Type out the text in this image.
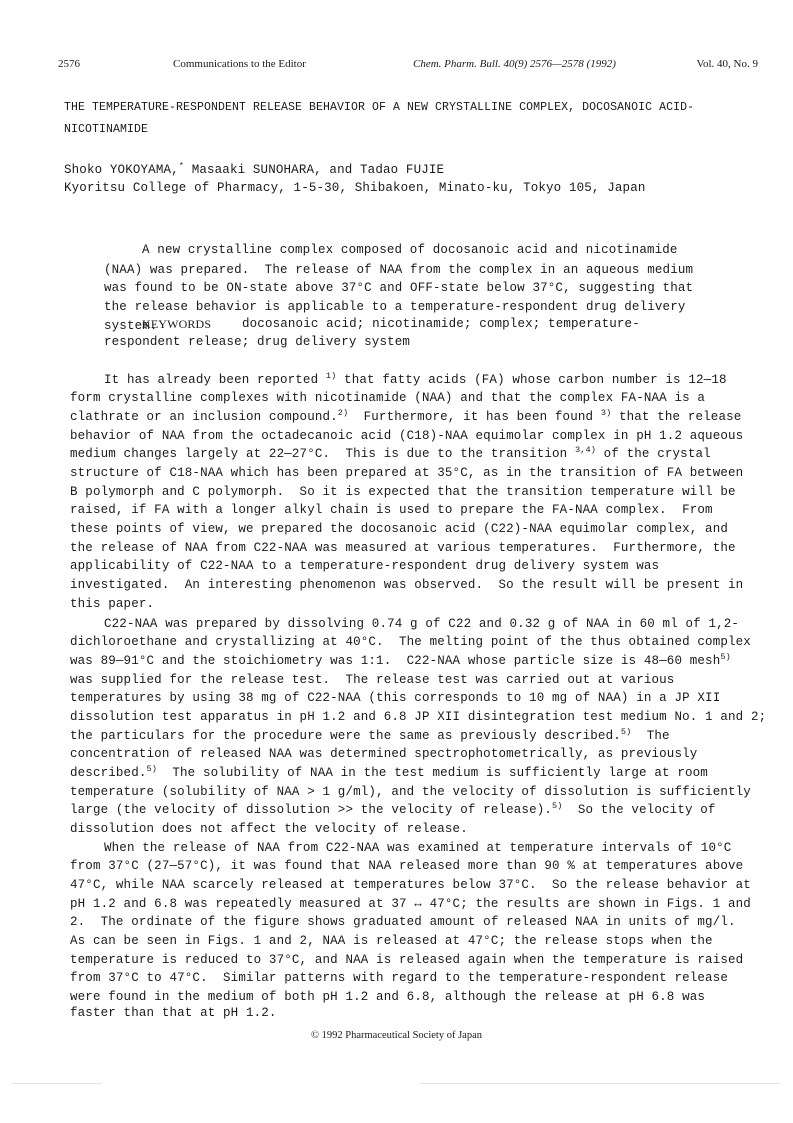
2576	Communications to the Editor	Chem. Pharm. Bull. 40(9) 2576—2578 (1992)	Vol. 40, No. 9
THE TEMPERATURE-RESPONDENT RELEASE BEHAVIOR OF A NEW CRYSTALLINE COMPLEX, DOCOSANOIC ACID-
NICOTINAMIDE
Shoko YOKOYAMA,* Masaaki SUNOHARA, and Tadao FUJIE
Kyoritsu College of Pharmacy, 1-5-30, Shibakoen, Minato-ku, Tokyo 105, Japan
A new crystalline complex composed of docosanoic acid and nicotinamide
(NAA) was prepared.  The release of NAA from the complex in an aqueous medium
was found to be ON-state above 37°C and OFF-state below 37°C, suggesting that
the release behavior is applicable to a temperature-respondent drug delivery
system.
KEYWORDS docosanoic acid; nicotinamide; complex; temperature-
respondent release; drug delivery system
It has already been reported $^{1)}$ that fatty acids (FA) whose carbon number is 12—18
form crystalline complexes with nicotinamide (NAA) and that the complex FA-NAA is a
clathrate or an inclusion compound.$^{2)}$  Furthermore, it has been found $^{3)}$ that the release
behavior of NAA from the octadecanoic acid (C18)-NAA equimolar complex in pH 1.2 aqueous
medium changes largely at 22—27°C.  This is due to the transition $^{3,4)}$ of the crystal
structure of C18-NAA which has been prepared at 35°C, as in the transition of FA between
B polymorph and C polymorph.  So it is expected that the transition temperature will be
raised, if FA with a longer alkyl chain is used to prepare the FA-NAA complex.  From
these points of view, we prepared the docosanoic acid (C22)-NAA equimolar complex, and
the release of NAA from C22-NAA was measured at various temperatures.  Furthermore, the
applicability of C22-NAA to a temperature-respondent drug delivery system was
investigated.  An interesting phenomenon was observed.  So the result will be present in
this paper.
C22-NAA was prepared by dissolving 0.74 g of C22 and 0.32 g of NAA in 60 ml of 1,2-
dichloroethane and crystallizing at 40°C.  The melting point of the thus obtained complex
was 89—91°C and the stoichiometry was 1:1.  C22-NAA whose particle size is 48—60 mesh$^{5)}$
was supplied for the release test.  The release test was carried out at various
temperatures by using 38 mg of C22-NAA (this corresponds to 10 mg of NAA) in a JP XII
dissolution test apparatus in pH 1.2 and 6.8 JP XII disintegration test medium No. 1 and 2;
the particulars for the procedure were the same as previously described.$^{5)}$  The
concentration of released NAA was determined spectrophotometrically, as previously
described.$^{5)}$  The solubility of NAA in the test medium is sufficiently large at room
temperature (solubility of NAA > 1 g/ml), and the velocity of dissolution is sufficiently
large (the velocity of dissolution >> the velocity of release).$^{5)}$  So the velocity of
dissolution does not affect the velocity of release.
When the release of NAA from C22-NAA was examined at temperature intervals of 10°C
from 37°C (27—57°C), it was found that NAA released more than 90 % at temperatures above
47°C, while NAA scarcely released at temperatures below 37°C.  So the release behavior at
pH 1.2 and 6.8 was repeatedly measured at 37 ↔ 47°C; the results are shown in Figs. 1 and
2.  The ordinate of the figure shows graduated amount of released NAA in units of mg/l.
As can be seen in Figs. 1 and 2, NAA is released at 47°C; the release stops when the
temperature is reduced to 37°C, and NAA is released again when the temperature is raised
from 37°C to 47°C.  Similar patterns with regard to the temperature-respondent release
were found in the medium of both pH 1.2 and 6.8, although the release at pH 6.8 was
faster than that at pH 1.2.
© 1992 Pharmaceutical Society of Japan
